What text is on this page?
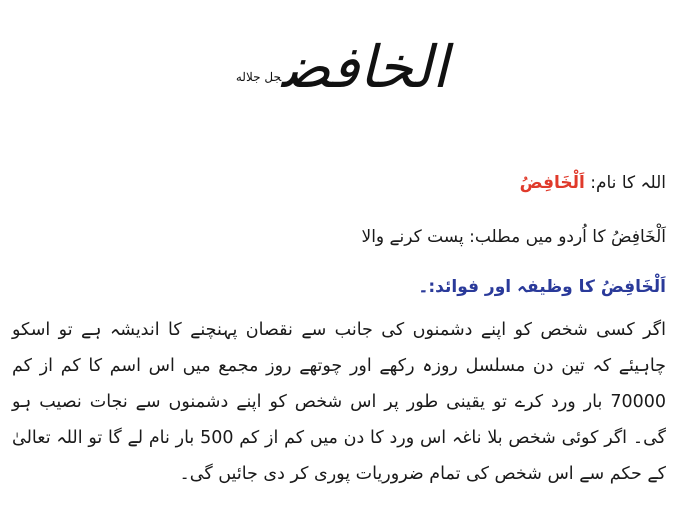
الخافض$^{جل جلاله}$
اللہ کا نام: اَلْخَافِضُ
اَلْخَافِضُ کا اُردو میں مطلب: پست کرنے والا
اَلْخَافِضُ کا وظیفہ اور فوائد:۔
اگر کسی شخص کو اپنے دشمنوں کی جانب سے نقصان پہنچنے کا اندیشہ ہے تو اسکو چاہیئے کہ تین دن مسلسل روزہ رکھے اور چوتھے روز مجمع میں اس اسم کا کم از کم 70000 بار ورد کرے تو یقینی طور پر اس شخص کو اپنے دشمنوں سے نجات نصیب ہو گی۔ اگر کوئی شخص بلا ناغہ اس ورد کا دن میں کم از کم 500 بار نام لے گا تو اللہ تعالیٰ کے حکم سے اس شخص کی تمام ضروریات پوری کر دی جائیں گی۔
